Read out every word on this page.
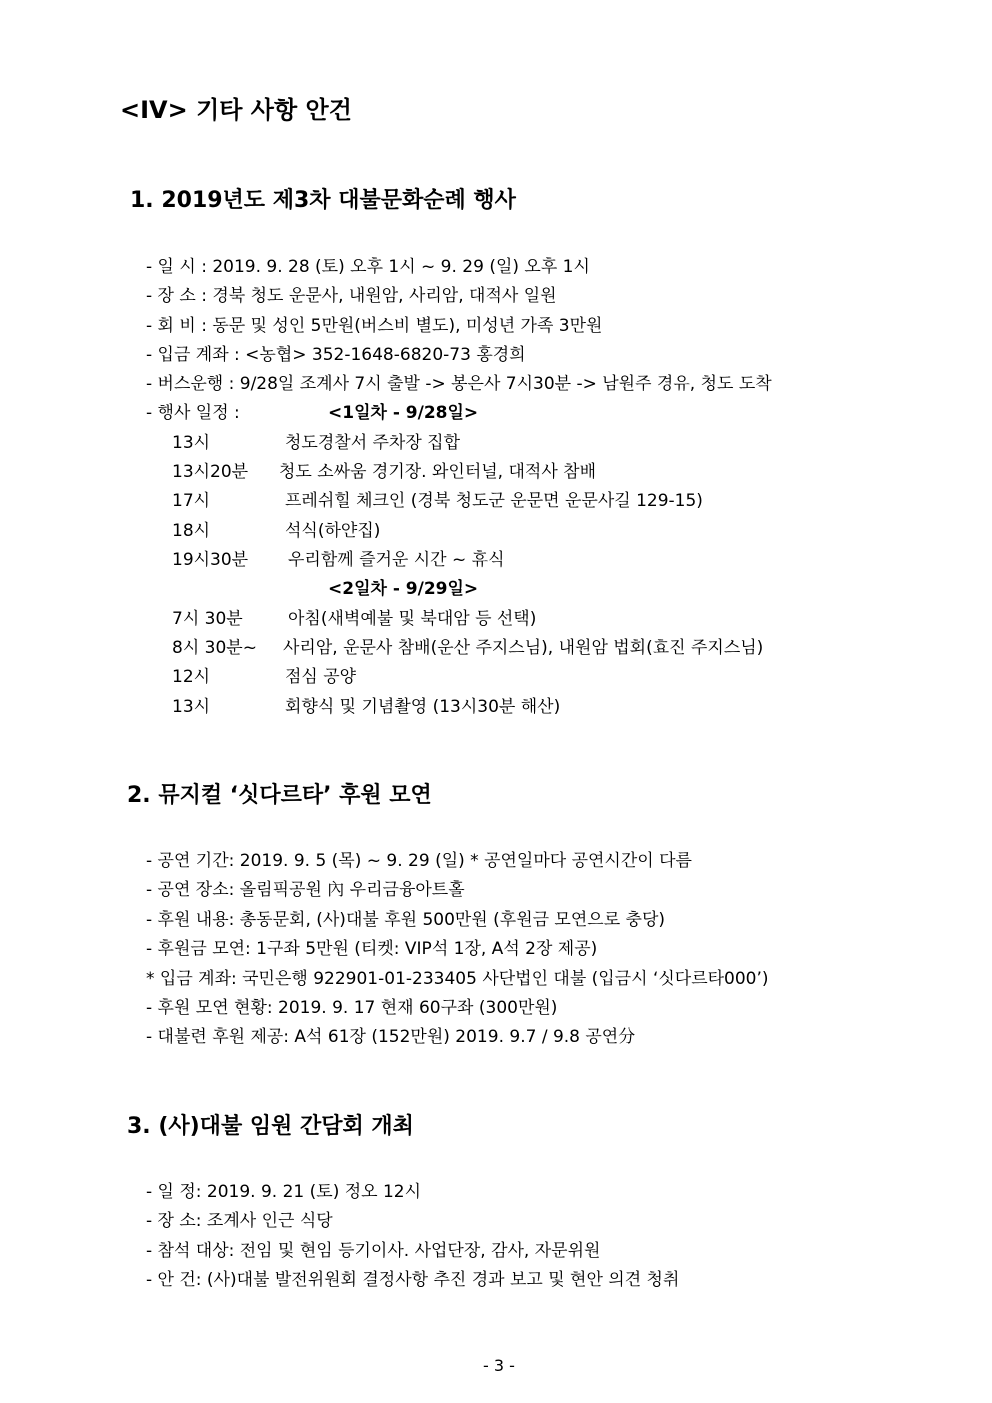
<IV> 기타 사항 안건
1. 2019년도 제3차 대불문화순례 행사
- 일 시 : 2019. 9. 28 (토) 오후 1시 ~ 9. 29 (일) 오후 1시
- 장 소 : 경북 청도 운문사, 내원암, 사리암, 대적사 일원
- 회 비 : 동문 및 성인 5만원(버스비 별도), 미성년 가족 3만원
- 입금 계좌 : <농협> 352-1648-6820-73 홍경희
- 버스운행 : 9/28일 조계사 7시 출발 -> 봉은사 7시30분 -> 남원주 경유, 청도 도착
- 행사 일정 :	<1일차 - 9/28일>
13시	청도경찰서 주차장 집합
13시20분 청도 소싸움 경기장. 와인터널, 대적사 참배
17시	프레쉬힐 체크인 (경북 청도군 운문면 운문사길 129-15)
18시	석식(하얀집)
19시30분 우리함께 즐거운 시간 ~ 휴식
<2일차 - 9/29일>
7시 30분	아침(새벽예불 및 북대암 등 선택)
8시 30분~ 사리암, 운문사 참배(운산 주지스님), 내원암 법회(효진 주지스님)
12시	점심 공양
13시	회향식 및 기념촬영 (13시30분 해산)
2. 뮤지컬 ‘싯다르타’ 후원 모연
- 공연 기간: 2019. 9. 5 (목) ~ 9. 29 (일) * 공연일마다 공연시간이 다름
- 공연 장소: 올림픽공원 內 우리금융아트홀
- 후원 내용: 총동문회, (사)대불 후원 500만원 (후원금 모연으로 충당)
- 후원금 모연: 1구좌 5만원 (티켓: VIP석 1장, A석 2장 제공)
* 입금 계좌: 국민은행 922901-01-233405 사단법인 대불 (입금시 ‘싯다르타000’)
- 후원 모연 현황: 2019. 9. 17 현재 60구좌 (300만원)
- 대불련 후원 제공: A석 61장 (152만원) 2019. 9.7 / 9.8 공연分
3. (사)대불 임원 간담회 개최
- 일 정: 2019. 9. 21 (토) 정오 12시
- 장 소: 조계사 인근 식당
- 참석 대상: 전임 및 현임 등기이사. 사업단장, 감사, 자문위원
- 안 건: (사)대불 발전위원회 결정사항 추진 경과 보고 및 현안 의견 청취
- 3 -
